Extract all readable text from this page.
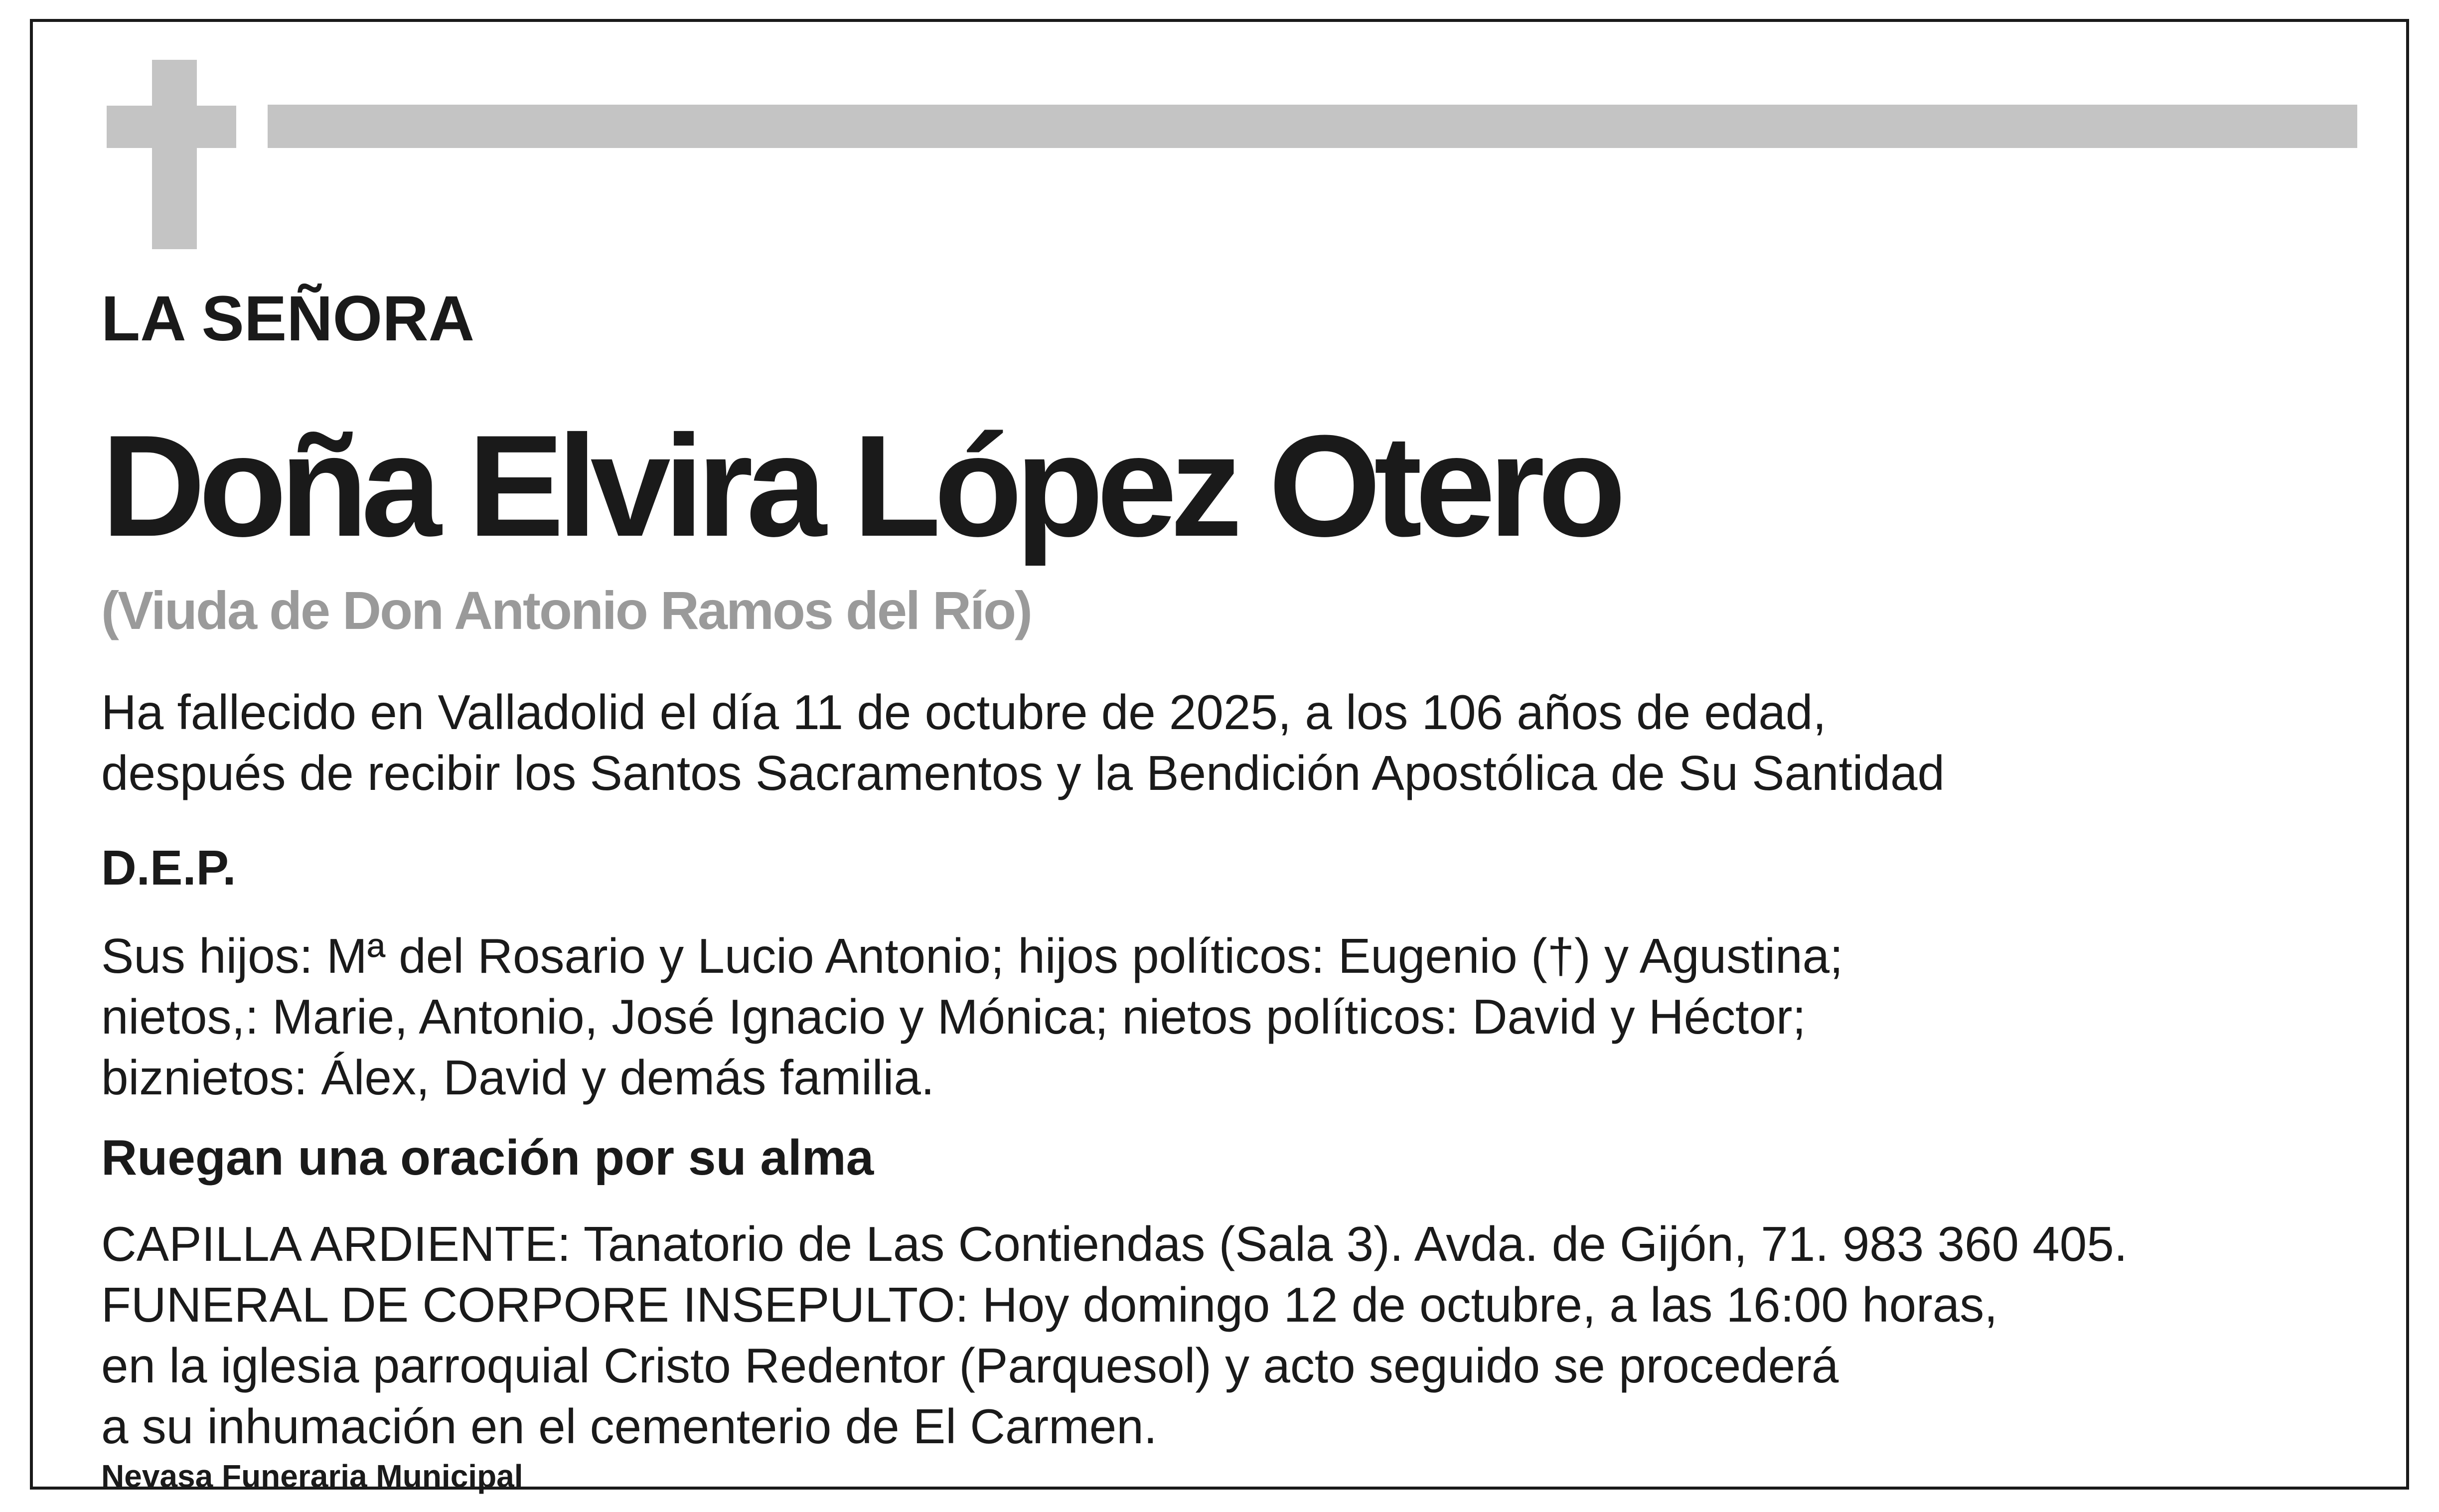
LA SEÑORA
Doña Elvira López Otero
(Viuda de Don Antonio Ramos del Río)
Ha fallecido en Valladolid el día 11 de octubre de 2025, a los 106 años de edad,
después de recibir los Santos Sacramentos y la Bendición Apostólica de Su Santidad
D.E.P.
Sus hijos: Mª del Rosario y Lucio Antonio; hijos políticos: Eugenio (†) y Agustina;
nietos,: Marie, Antonio, José Ignacio y Mónica; nietos políticos: David y Héctor;
biznietos: Álex, David y demás familia.
Ruegan una oración por su alma
CAPILLA ARDIENTE: Tanatorio de Las Contiendas (Sala 3). Avda. de Gijón, 71. 983 360 405.
FUNERAL DE CORPORE INSEPULTO: Hoy domingo 12 de octubre, a las 16:00 horas,
en la iglesia parroquial Cristo Redentor (Parquesol) y acto seguido se procederá
a su inhumación en el cementerio de El Carmen.
Nevasa Funeraria Municipal
